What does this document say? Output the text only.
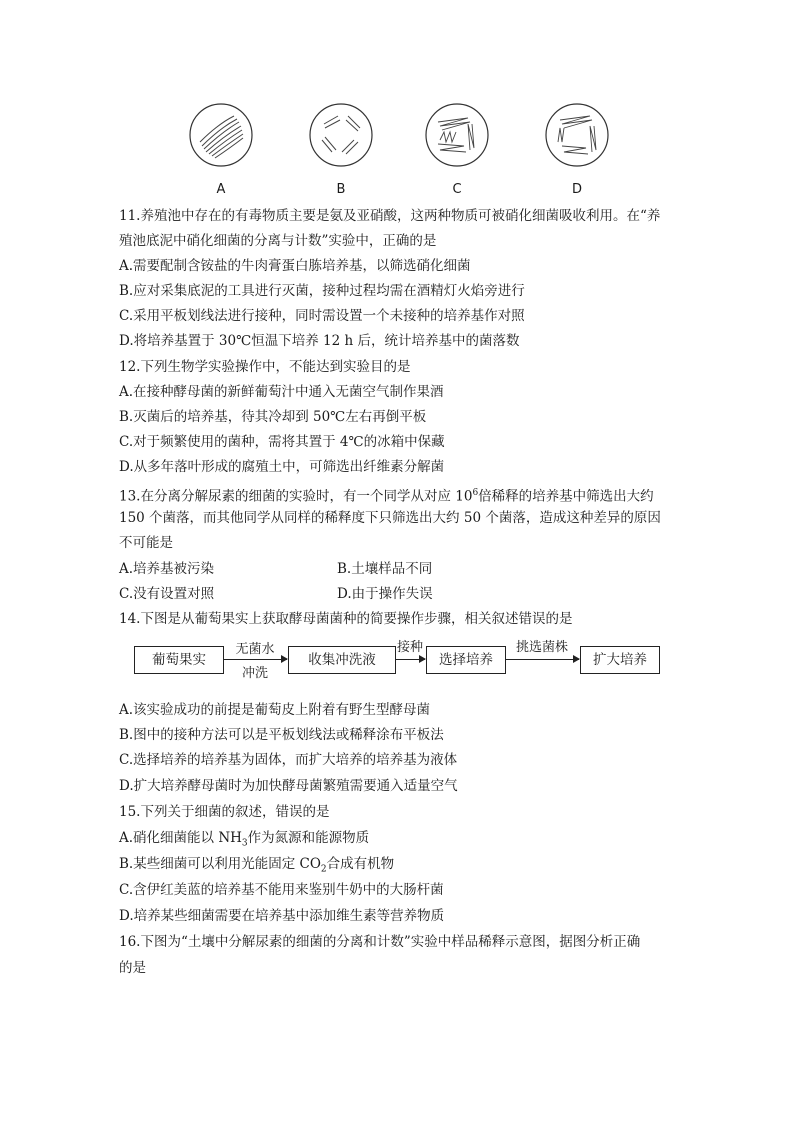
A	B	C	D
11.养殖池中存在的有毒物质主要是氨及亚硝酸，这两种物质可被硝化细菌吸收利用。在“养
殖池底泥中硝化细菌的分离与计数”实验中，正确的是
A.需要配制含铵盐的牛肉膏蛋白胨培养基，以筛选硝化细菌
B.应对采集底泥的工具进行灭菌，接种过程均需在酒精灯火焰旁进行
C.采用平板划线法进行接种，同时需设置一个未接种的培养基作对照
D.将培养基置于 30℃恒温下培养 12 h 后，统计培养基中的菌落数
12.下列生物学实验操作中，不能达到实验目的是
A.在接种酵母菌的新鲜葡萄汁中通入无菌空气制作果酒
B.灭菌后的培养基，待其冷却到 50℃左右再倒平板
C.对于频繁使用的菌种，需将其置于 4℃的冰箱中保藏
D.从多年落叶形成的腐殖土中，可筛选出纤维素分解菌
13.在分离分解尿素的细菌的实验时，有一个同学从对应 $10^6$倍稀释的培养基中筛选出大约
150 个菌落，而其他同学从同样的稀释度下只筛选出大约 50 个菌落，造成这种差异的原因
不可能是
A.培养基被污染	B.土壤样品不同
C.没有设置对照	D.由于操作失误
14.下图是从葡萄果实上获取酵母菌菌种的简要操作步骤，相关叙述错误的是
葡萄果实
无菌水
冲洗
收集冲洗液
接种
选择培养
挑选菌株
扩大培养
A.该实验成功的前提是葡萄皮上附着有野生型酵母菌
B.图中的接种方法可以是平板划线法或稀释涂布平板法
C.选择培养的培养基为固体，而扩大培养的培养基为液体
D.扩大培养酵母菌时为加快酵母菌繁殖需要通入适量空气
15.下列关于细菌的叙述，错误的是
A.硝化细菌能以 $NH_3$作为氮源和能源物质
B.某些细菌可以利用光能固定 $CO_2$合成有机物
C.含伊红美蓝的培养基不能用来鉴别牛奶中的大肠杆菌
D.培养某些细菌需要在培养基中添加维生素等营养物质
16.下图为“土壤中分解尿素的细菌的分离和计数”实验中样品稀释示意图，据图分析正确
的是
